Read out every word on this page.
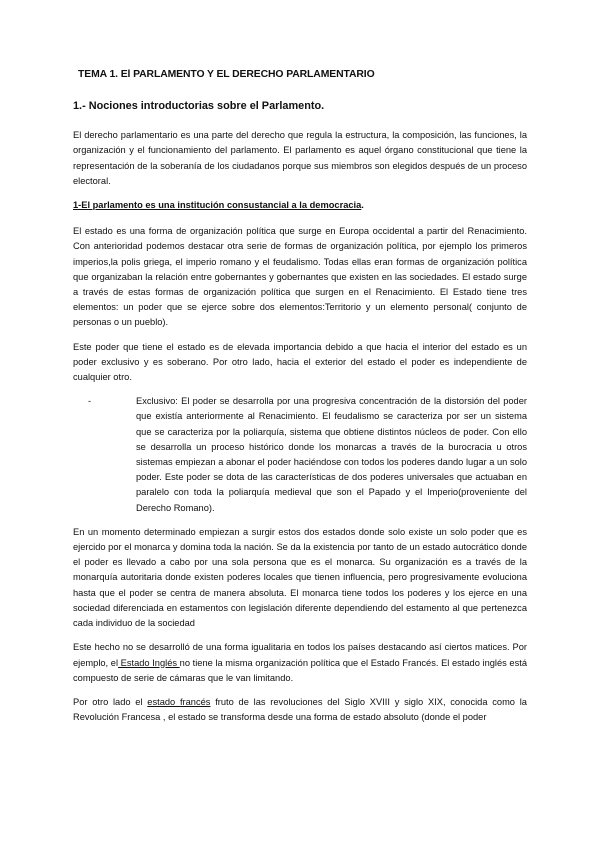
TEMA 1. El PARLAMENTO Y EL DERECHO PARLAMENTARIO
1.- Nociones introductorias sobre el Parlamento.

El derecho parlamentario es una parte del derecho que regula la estructura, la composición, las funciones, la organización y el funcionamiento del parlamento. El parlamento es aquel órgano constitucional que tiene la representación de la soberanía de los ciudadanos porque sus miembros son elegidos después de un proceso electoral.

1-El parlamento es una institución consustancial a la democracia.

El estado es una forma de organización política que surge en Europa occidental a partir del Renacimiento. Con anterioridad podemos destacar otra serie de formas de organización política, por ejemplo los primeros imperios,la polis griega, el imperio romano y el feudalismo. Todas ellas eran formas de organización política que organizaban la relación entre gobernantes y gobernantes que existen en las sociedades. El estado surge a través de estas formas de organización política que surgen en el Renacimiento. El Estado tiene tres elementos: un poder que se ejerce sobre dos elementos:Territorio y un elemento personal( conjunto de personas o un pueblo).

Este poder que tiene el estado es de elevada importancia debido a que hacia el interior del estado es un poder exclusivo y es soberano. Por otro lado, hacia el exterior del estado el poder es independiente de cualquier otro.

-	Exclusivo: El poder se desarrolla por una progresiva concentración de la distorsión del poder que existía anteriormente al Renacimiento. El feudalismo se caracteriza por ser un sistema que se caracteriza por la poliarquía, sistema que obtiene distintos núcleos de poder. Con ello se desarrolla un proceso histórico donde los monarcas a través de la burocracia u otros sistemas empiezan a abonar el poder haciéndose con todos los poderes dando lugar a un solo poder. Este poder se dota de las características de dos poderes universales que actuaban en paralelo con toda la poliarquía medieval que son el Papado y el Imperio(proveniente del Derecho Romano).

En un momento determinado empiezan a surgir estos dos estados donde solo existe un solo poder que es ejercido por el monarca y domina toda la nación. Se da la existencia por tanto de un estado autocrático donde el poder es llevado a cabo por una sola persona que es el monarca. Su organización es a través de la monarquía autoritaria donde existen poderes locales que tienen influencia, pero progresivamente evoluciona hasta que el poder se centra de manera absoluta. El monarca tiene todos los poderes y los ejerce en una sociedad diferenciada en estamentos con legislación diferente dependiendo del estamento al que pertenezca cada individuo de la sociedad

Este hecho no se desarrolló de una forma igualitaria en todos los países destacando así ciertos matices. Por ejemplo, el Estado Inglés no tiene la misma organización política que el Estado Francés. El estado inglés está compuesto de serie de cámaras que le van limitando.

Por otro lado el estado francés fruto de las revoluciones del Siglo XVIII y siglo XIX, conocida como la Revolución Francesa , el estado se transforma desde una forma de estado absoluto (donde el poder
